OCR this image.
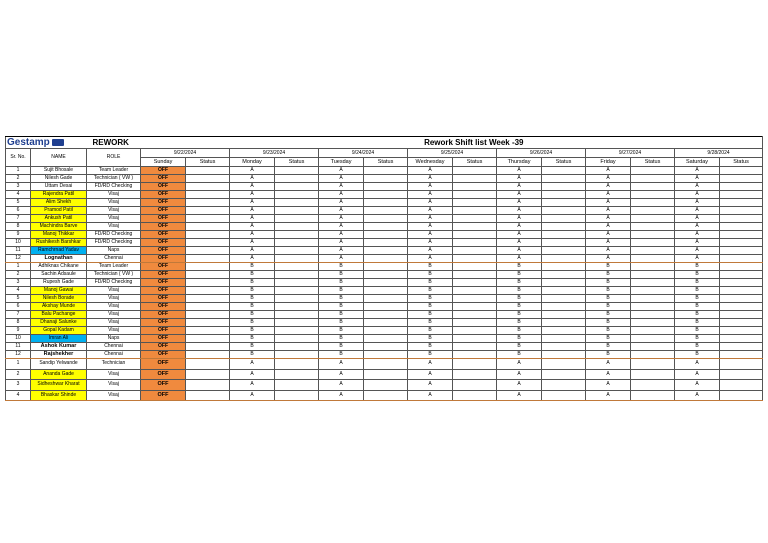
Gestamp		REWORK		Rework Shift list Week -39												
Sr. No.	NAME	ROLE	9/22/2024		9/23/2024		9/24/2024		9/25/2024		9/26/2024		9/27/2024		9/28/2024	
			Sunday	Status	Monday	Status	Tuesday	Status	Wednesday	Status	Thursday	Status	Friday	Status	Saturday	Status
1	Sujit Bhosale	Team Leader	OFF		A		A		A		A		A		A	
2	Nilesh Gade	Technician ( VW )	OFF		A		A		A		A		A		A	
3	Uttam Desai	FD/RD Checking	OFF		A		A		A		A		A		A	
4	Rajendra Patil	Visaj	OFF		A		A		A		A		A		A	
5	Alim Shekh	Visaj	OFF		A		A		A		A		A		A	
6	Pramod Patil	Visaj	OFF		A		A		A		A		A		A	
7	Ankush Patil	Visaj	OFF		A		A		A		A		A		A	
8	Machindra Barve	Visaj	OFF		A		A		A		A		A		A	
9	Manoj Thikkar	FD/RD Checking	OFF		A		A		A		A		A		A	
10	Rushikesh Barshkar	FD/RD Checking	OFF		A		A		A		A		A		A	
11	Ramchrnad Yadav	Naps	OFF		A		A		A		A		A		A	
12	Lognathan	Chennai	OFF		A		A		A		A		A		A	
1	Adhiknas Chikane	Team Leader	OFF		B		B		B		B		B		B	
2	Sachin Adsaule	Technician ( VW )	OFF		B		B		B		B		B		B	
3	Rupesh Gade	FD/RD Checking	OFF		B		B		B		B		B		B	
4	Manoj Gawai	Visaj	OFF		B		B		B		B		B		B	
5	Nilesh Borade	Visaj	OFF		B		B		B		B		B		B	
6	Akshay Munde	Visaj	OFF		B		B		B		B		B		B	
7	Balu Pachange	Visaj	OFF		B		B		B		B		B		B	
8	Dhanaji Salunke	Visaj	OFF		B		B		B		B		B		B	
9	Gopal Kadam	Visaj	OFF		B		B		B		B		B		B	
10	Imran Ali	Naps	OFF		B		B		B		B		B		B	
11	Ashok Kumar	Chennai	OFF		B		B		B		B		B		B	
12	Rajshekher	Chennai	OFF		B		B		B		B		B		B	
1	Sandip Yelwande	Technician	OFF		A		A		A		A		A		A	
2	Ananda Gade	Visaj	OFF		A		A		A		A		A		A	
3	Sidheshwar Kharat	Visaj	OFF		A		A		A		A		A		A	
4	Bhaskar Shinde	Visaj	OFF		A		A		A		A		A		A	
